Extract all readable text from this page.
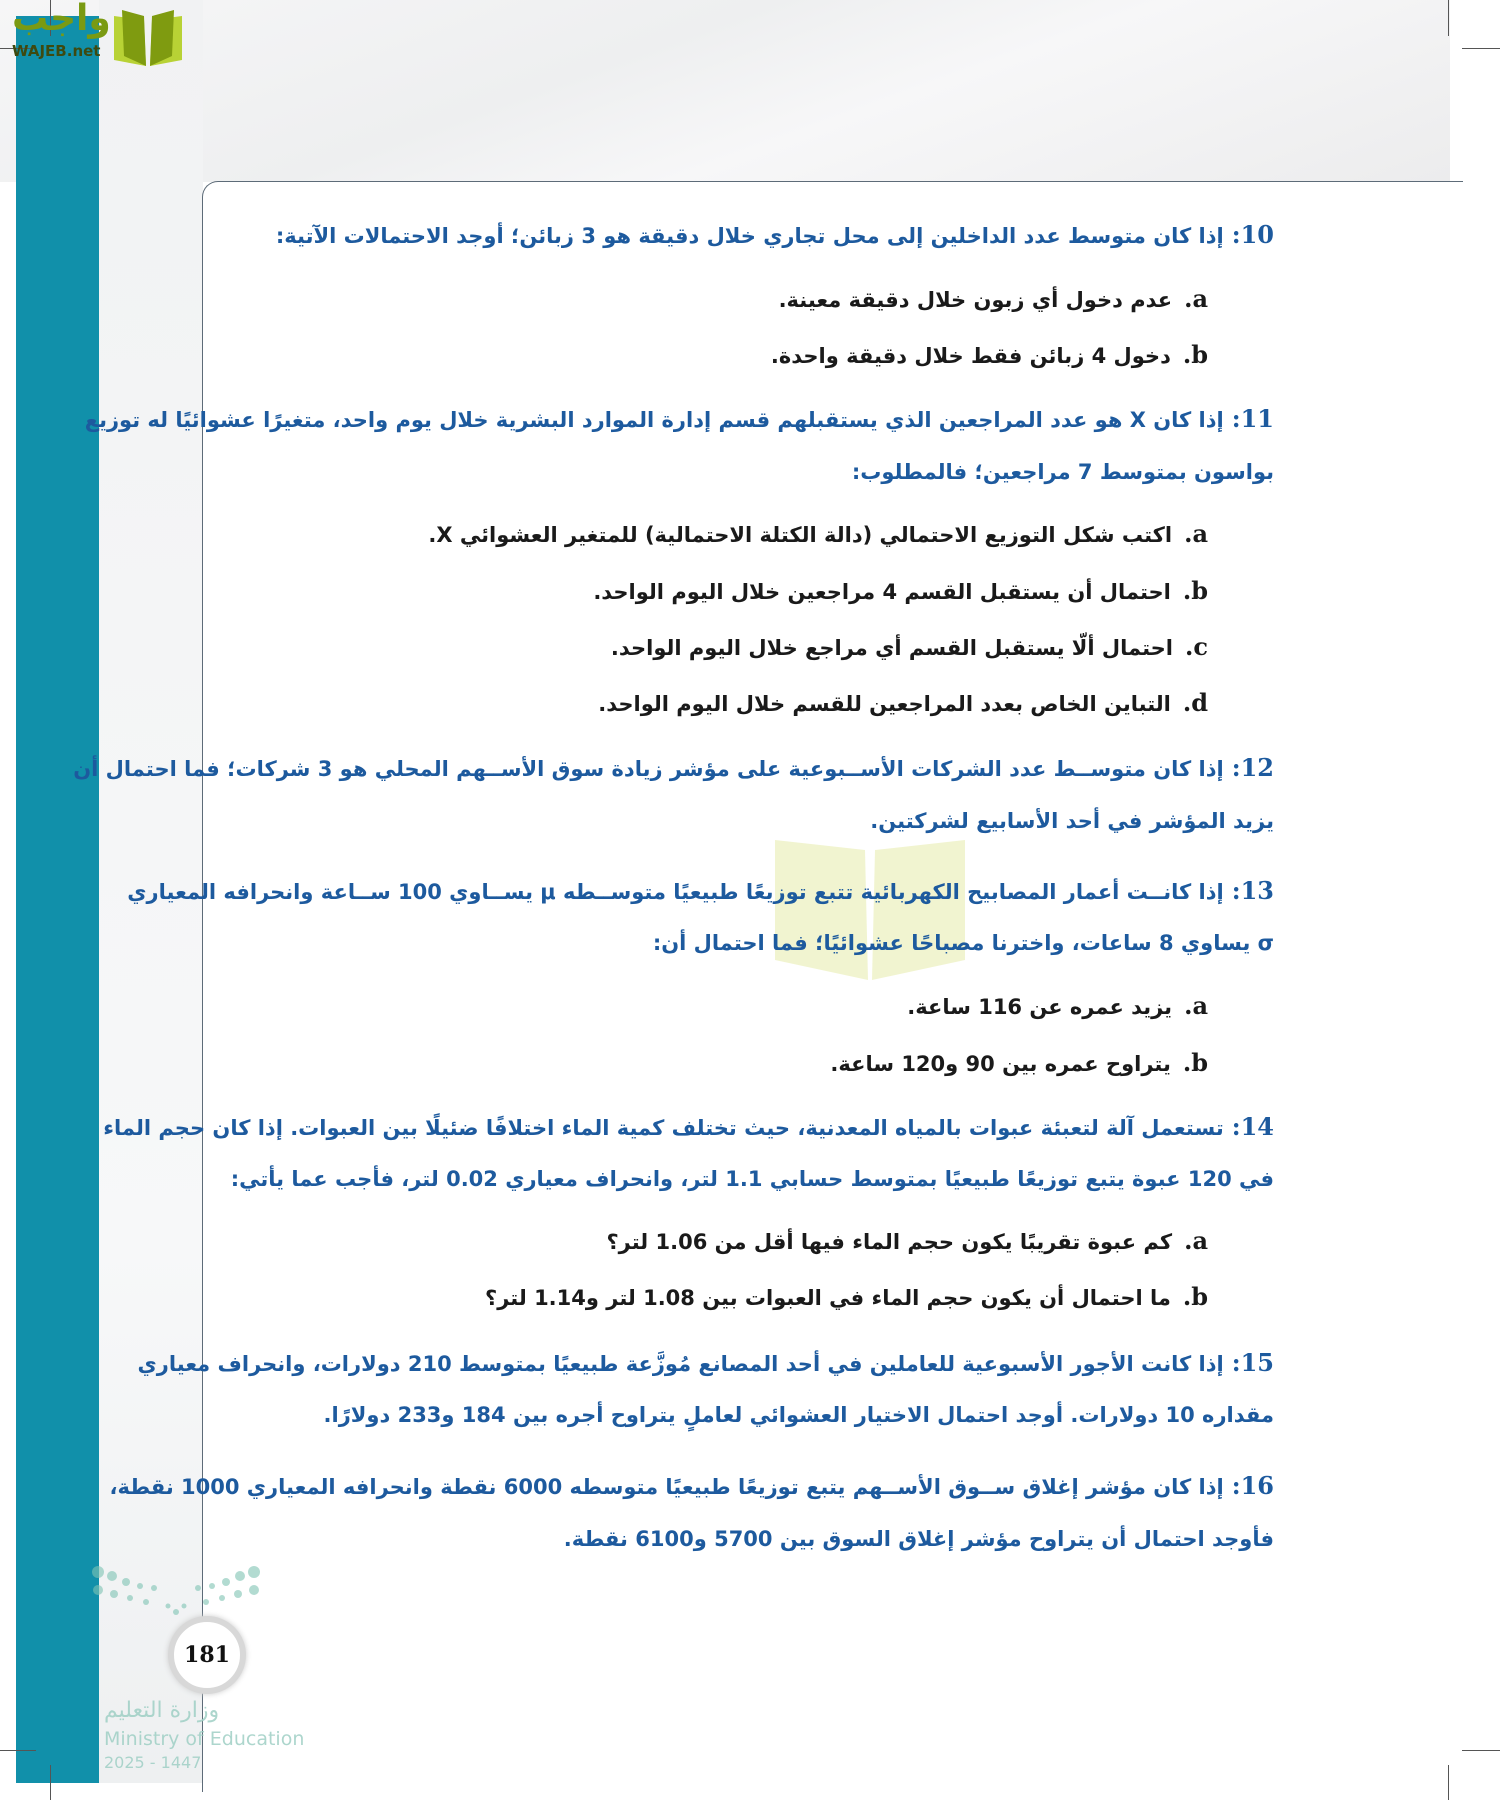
واجب
WAJEB.net
10:إذا كان متوسط عدد الداخلين إلى محل تجاري خلال دقيقة هو 3 زبائن؛ أوجد الاحتمالات الآتية:
a.عدم دخول أي زبون خلال دقيقة معينة.
b.دخول 4 زبائن فقط خلال دقيقة واحدة.
11:إذا كان X هو عدد المراجعين الذي يستقبلهم قسم إدارة الموارد البشرية خلال يوم واحد، متغيرًا عشوائيًا له توزيع
بواسون بمتوسط 7 مراجعين؛ فالمطلوب:
a.اكتب شكل التوزيع الاحتمالي (دالة الكتلة الاحتمالية) للمتغير العشوائي X.
b.احتمال أن يستقبل القسم 4 مراجعين خلال اليوم الواحد.
c.احتمال ألّا يستقبل القسم أي مراجع خلال اليوم الواحد.
d.التباين الخاص بعدد المراجعين للقسم خلال اليوم الواحد.
12:إذا كان متوســط عدد الشركات الأســبوعية على مؤشر زيادة سوق الأســهم المحلي هو 3 شركات؛ فما احتمال أن
يزيد المؤشر في أحد الأسابيع لشركتين.
13:إذا كانــت أعمار المصابيح الكهربائية تتبع توزيعًا طبيعيًا متوســطه μ يســاوي 100 ســاعة وانحرافه المعياري
σ يساوي 8 ساعات، واخترنا مصباحًا عشوائيًا؛ فما احتمال أن:
a.يزيد عمره عن 116 ساعة.
b.يتراوح عمره بين 90 و120 ساعة.
14:تستعمل آلة لتعبئة عبوات بالمياه المعدنية، حيث تختلف كمية الماء اختلافًا ضئيلًا بين العبوات. إذا كان حجم الماء
في 120 عبوة يتبع توزيعًا طبيعيًا بمتوسط حسابي 1.1 لتر، وانحراف معياري 0.02 لتر، فأجب عما يأتي:
a.كم عبوة تقريبًا يكون حجم الماء فيها أقل من 1.06 لتر؟
b.ما احتمال أن يكون حجم الماء في العبوات بين 1.08 لتر و1.14 لتر؟
15:إذا كانت الأجور الأسبوعية للعاملين في أحد المصانع مُوزَّعة طبيعيًا بمتوسط 210 دولارات، وانحراف معياري
مقداره 10 دولارات. أوجد احتمال الاختيار العشوائي لعاملٍ يتراوح أجره بين 184 و233 دولارًا.
16:إذا كان مؤشر إغلاق ســوق الأســهم يتبع توزيعًا طبيعيًا متوسطه 6000 نقطة وانحرافه المعياري 1000 نقطة،
فأوجد احتمال أن يتراوح مؤشر إغلاق السوق بين 5700 و6100 نقطة.
181
وزارة التعليم
Ministry of Education
2025 - 1447
